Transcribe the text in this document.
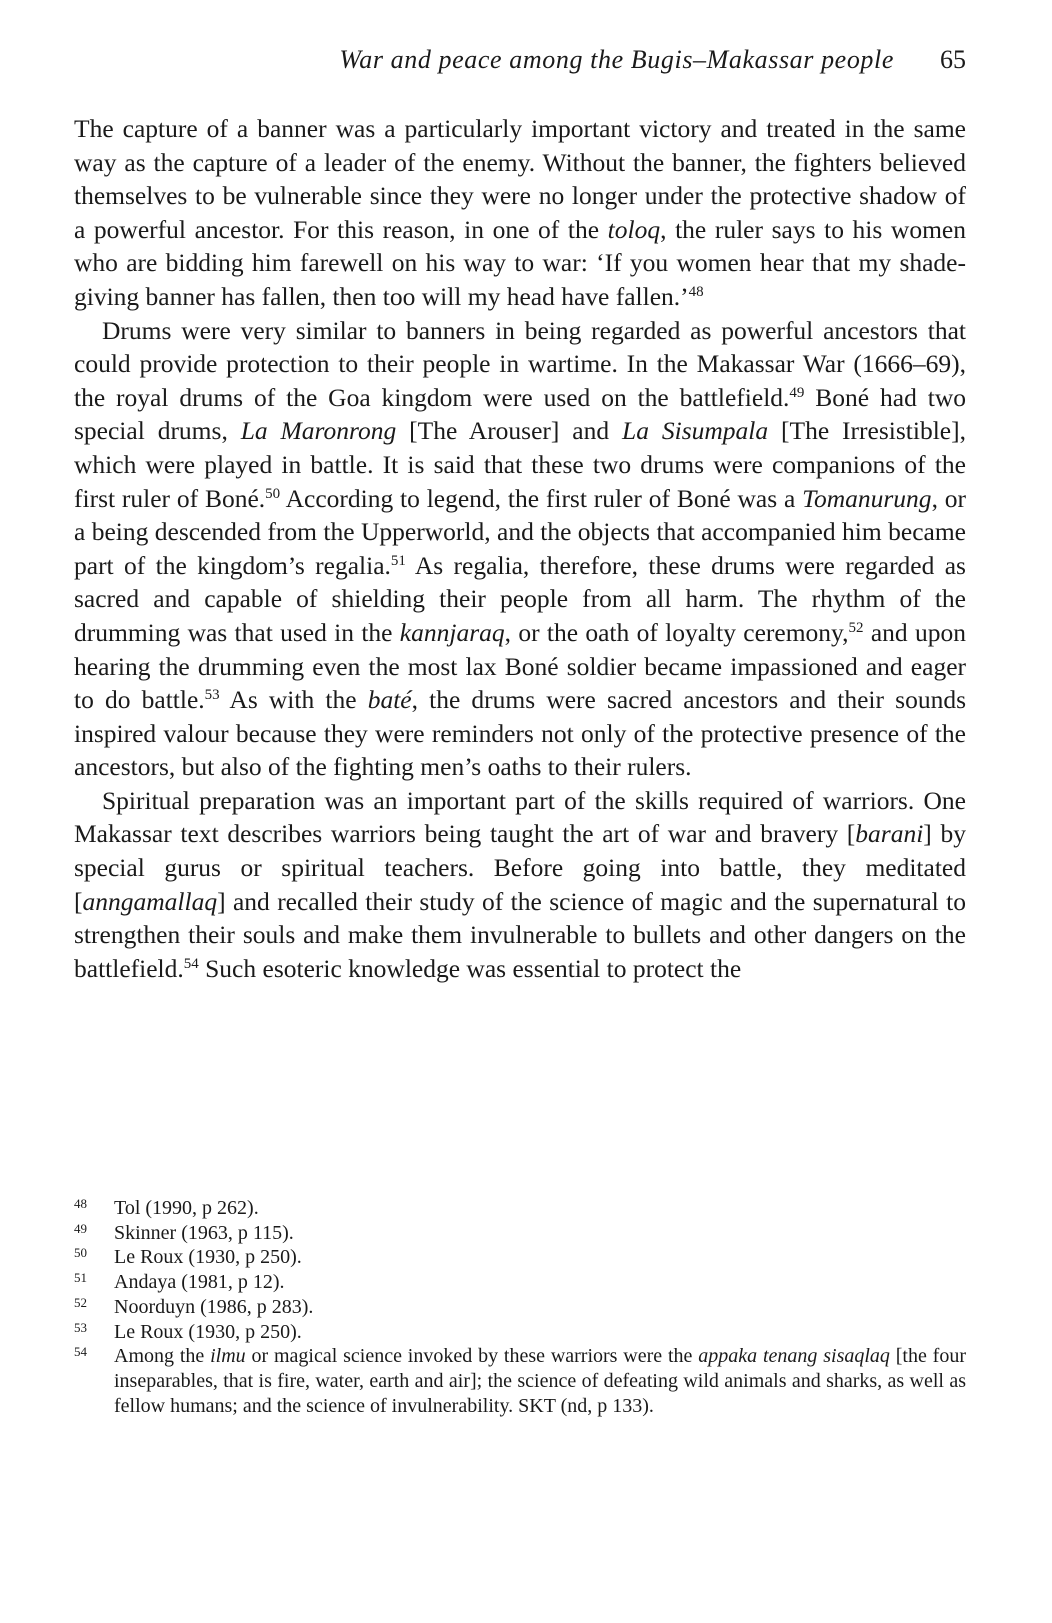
War and peace among the Bugis–Makassar people 65

The capture of a banner was a particularly important victory and treated in the same way as the capture of a leader of the enemy. Without the banner, the fighters believed themselves to be vulnerable since they were no longer under the protective shadow of a powerful ancestor. For this reason, in one of the toloq, the ruler says to his women who are bidding him farewell on his way to war: ‘If you women hear that my shade-giving banner has fallen, then too will my head have fallen.’$^{48}$

Drums were very similar to banners in being regarded as powerful ancestors that could provide protection to their people in wartime. In the Makassar War (1666–69), the royal drums of the Goa kingdom were used on the battlefield.$^{49}$ Boné had two special drums, La Maronrong [The Arouser] and La Sisumpala [The Irresistible], which were played in battle. It is said that these two drums were companions of the first ruler of Boné.$^{50}$ According to legend, the first ruler of Boné was a Tomanurung, or a being descended from the Upperworld, and the objects that accompanied him became part of the kingdom’s regalia.$^{51}$ As regalia, therefore, these drums were regarded as sacred and capable of shielding their people from all harm. The rhythm of the drumming was that used in the kannjaraq, or the oath of loyalty ceremony,$^{52}$ and upon hearing the drumming even the most lax Boné soldier became impassioned and eager to do battle.$^{53}$ As with the baté, the drums were sacred ancestors and their sounds inspired valour because they were reminders not only of the protective presence of the ancestors, but also of the fighting men’s oaths to their rulers.

Spiritual preparation was an important part of the skills required of warriors. One Makassar text describes warriors being taught the art of war and bravery [barani] by special gurus or spiritual teachers. Before going into battle, they meditated [anngamallaq] and recalled their study of the science of magic and the supernatural to strengthen their souls and make them invulnerable to bullets and other dangers on the battlefield.$^{54}$ Such esoteric knowledge was essential to protect the

48	Tol (1990, p 262).
49	Skinner (1963, p 115).
50	Le Roux (1930, p 250).
51	Andaya (1981, p 12).
52	Noorduyn (1986, p 283).
53	Le Roux (1930, p 250).
54	Among the ilmu or magical science invoked by these warriors were the appaka tenang sisaqlaq [the four inseparables, that is fire, water, earth and air]; the science of defeating wild animals and sharks, as well as fellow humans; and the science of invulnerability. SKT (nd, p 133).
